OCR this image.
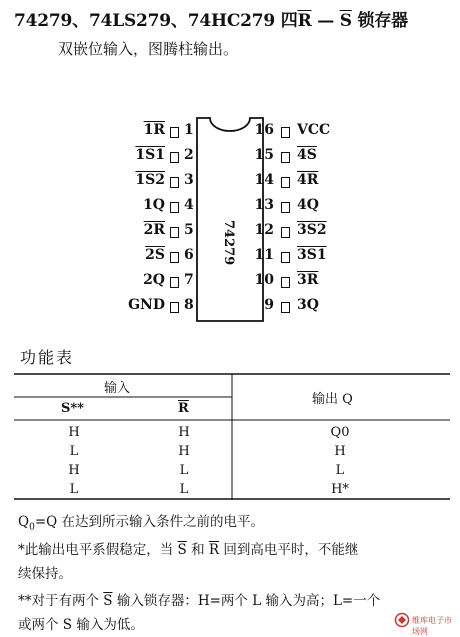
74279、74LS279、74HC279 四$\overline{R}$ — $\overline{S}$ 锁存器
双嵌位输入，图腾柱输出。
74279
1R 1
1S1 2
1S2 3
1Q 4
2R 5
2S 6
2Q 7
GND 8
16 VCC
15 4S
14 4R
13 4Q
12 3S2
11 3S1
10 3R
9 3Q
功能表
输入
输出 Q
S**	$\overline{R}$
H	H	Q0
L	H	H
H	L	L
L	L	H*
$Q_0=Q$ 在达到所示输入条件之前的电平。
*此输出电平系假稳定，当 $\overline{S}$ 和 $\overline{R}$ 回到高电平时，不能继
续保持。
**对于有两个 $\overline{S}$ 输入锁存器：H=两个 L 输入为高；L=一个
或两个 S 输入为低。	维库电子市场网
